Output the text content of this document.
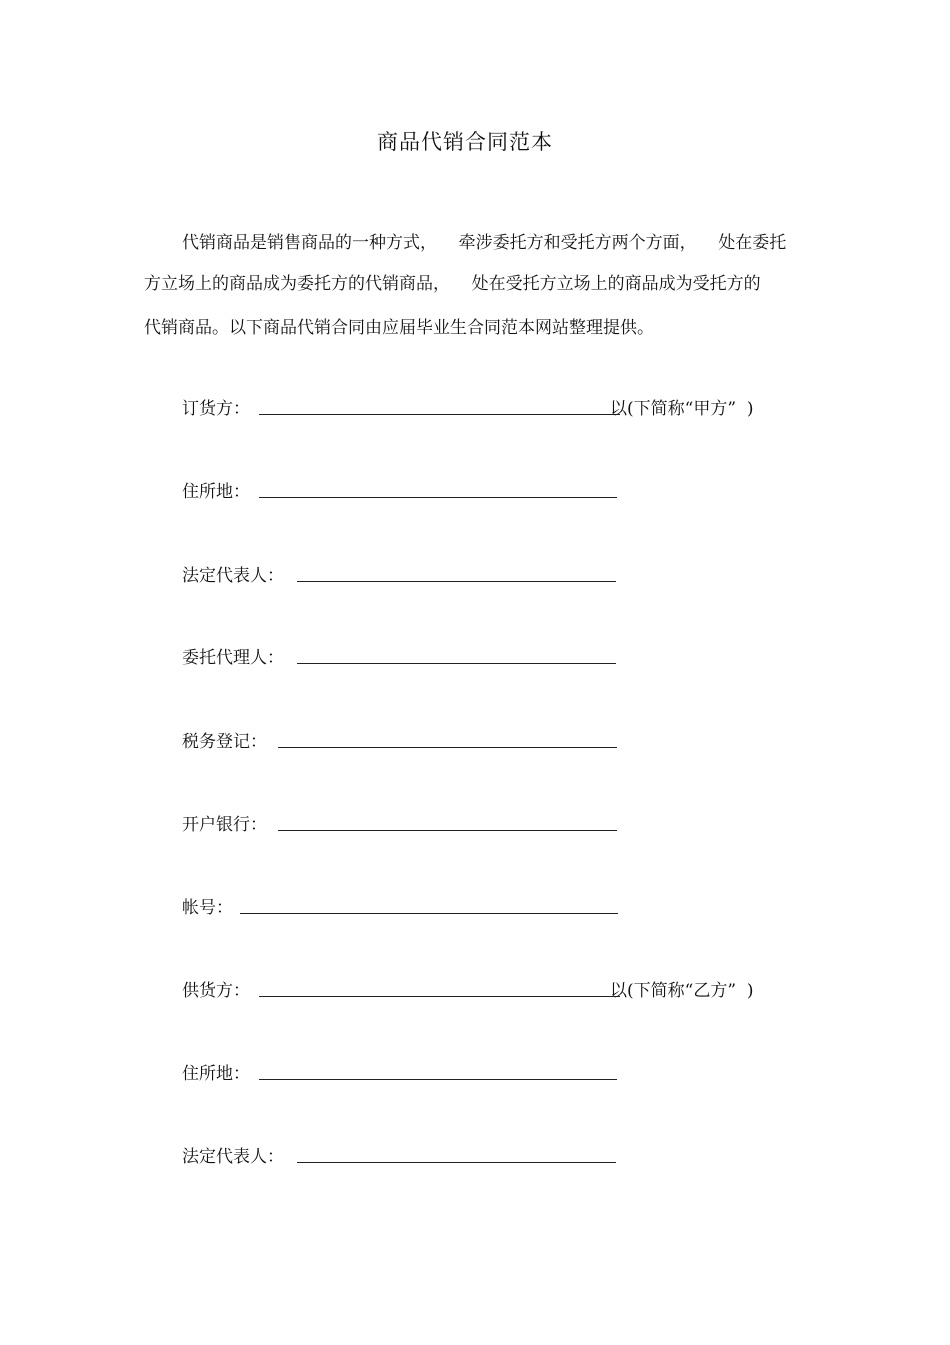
商品代销合同范本
代销商品是销售商品的一种方式，    牵涉委托方和受托方两个方面，    处在委托
方立场上的商品成为委托方的代销商品，    处在受托方立场上的商品成为受托方的
代销商品。以下商品代销合同由应届毕业生合同范本网站整理提供。
订货方：	以(下简称“甲方”  )
住所地：
法定代表人：
委托代理人：
税务登记：
开户银行：
帐号：
供货方：	以(下简称“乙方”  )
住所地：
法定代表人：
